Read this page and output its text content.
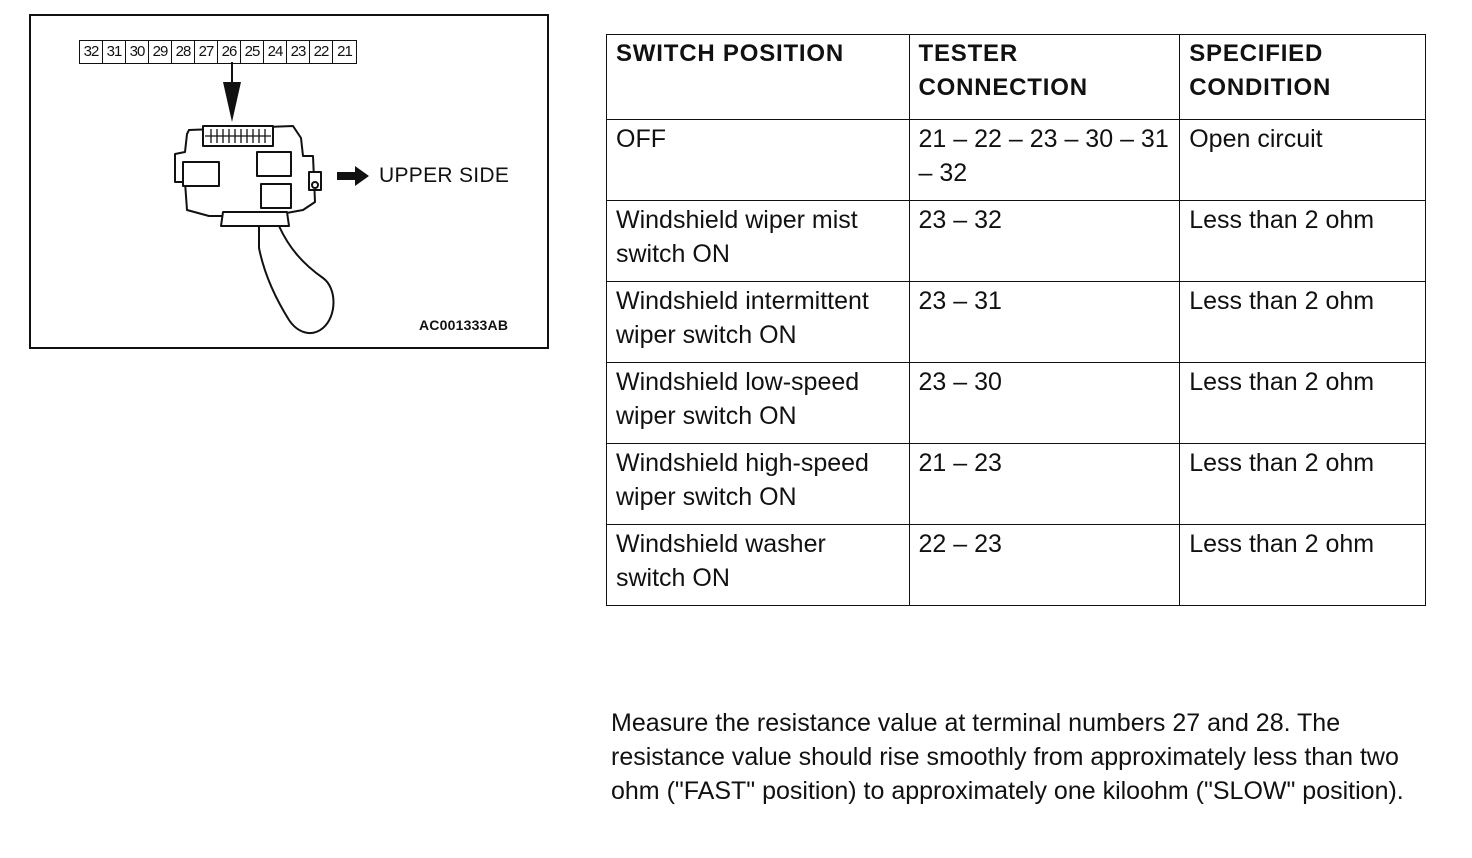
32 31 30 29 28 27 26 25 24 23 22 21
UPPER SIDE
AC001333AB
SWITCH POSITION	TESTER CONNECTION	SPECIFIED CONDITION
OFF	21 – 22 – 23 – 30 – 31 – 32	Open circuit
Windshield wiper mist switch ON	23 – 32	Less than 2 ohm
Windshield intermittent wiper switch ON	23 – 31	Less than 2 ohm
Windshield low-speed wiper switch ON	23 – 30	Less than 2 ohm
Windshield high-speed wiper switch ON	21 – 23	Less than 2 ohm
Windshield washer switch ON	22 – 23	Less than 2 ohm

Measure the resistance value at terminal numbers 27 and 28. The resistance value should rise smoothly from approximately less than two ohm ("FAST" position) to approximately one kiloohm ("SLOW" position).
